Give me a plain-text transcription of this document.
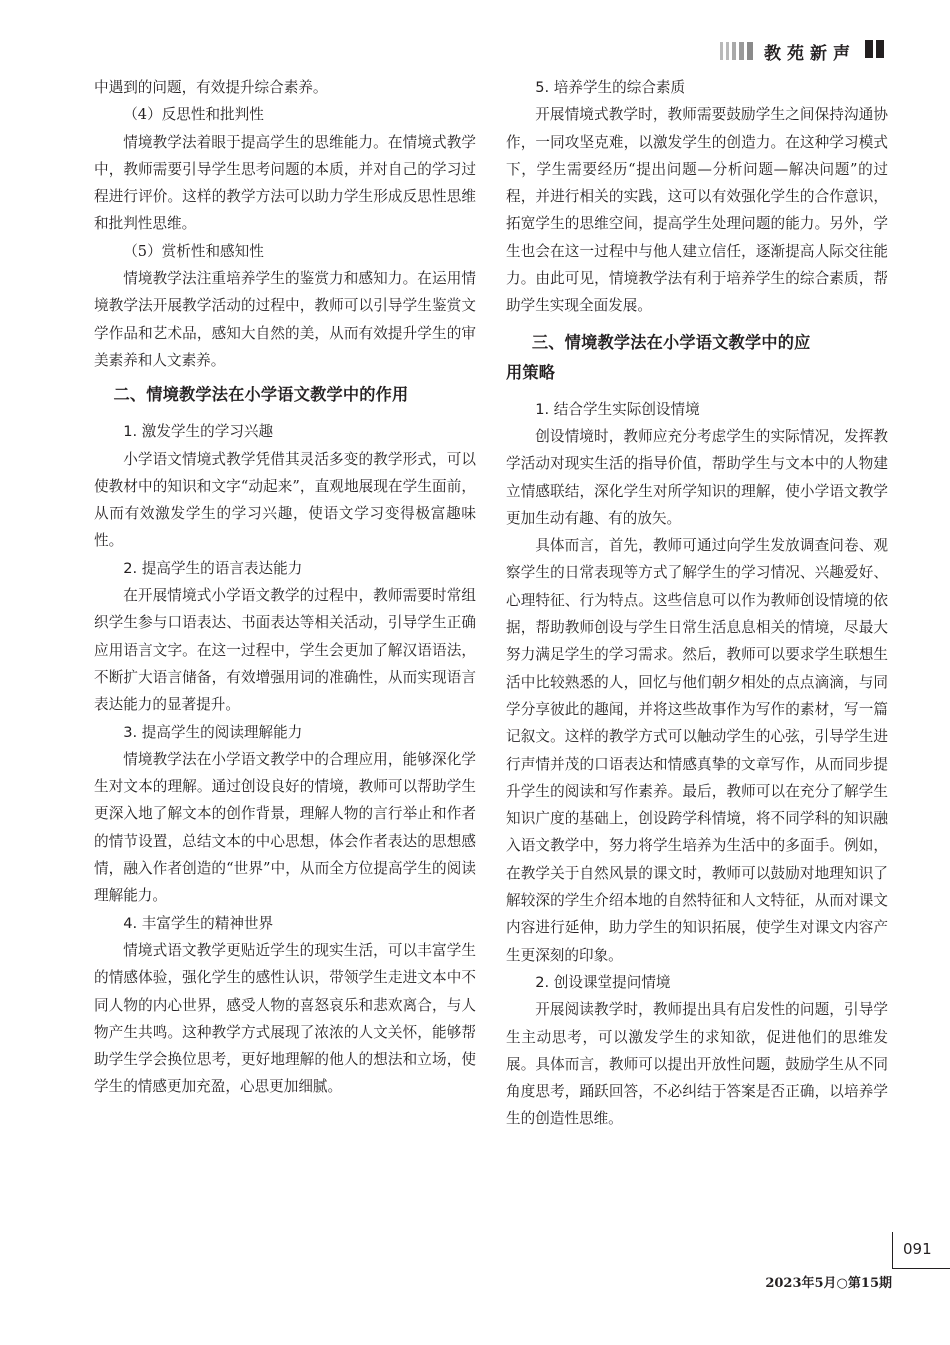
教苑新声

中遇到的问题，有效提升综合素养。

（4）反思性和批判性

情境教学法着眼于提高学生的思维能力。在情境式教学中，教师需要引导学生思考问题的本质，并对自己的学习过程进行评价。这样的教学方法可以助力学生形成反思性思维和批判性思维。

（5）赏析性和感知性

情境教学法注重培养学生的鉴赏力和感知力。在运用情境教学法开展教学活动的过程中，教师可以引导学生鉴赏文学作品和艺术品，感知大自然的美，从而有效提升学生的审美素养和人文素养。

二、情境教学法在小学语文教学中的作用
1. 激发学生的学习兴趣

小学语文情境式教学凭借其灵活多变的教学形式，可以使教材中的知识和文字“动起来”，直观地展现在学生面前，从而有效激发学生的学习兴趣，使语文学习变得极富趣味性。

2. 提高学生的语言表达能力

在开展情境式小学语文教学的过程中，教师需要时常组织学生参与口语表达、书面表达等相关活动，引导学生正确应用语言文字。在这一过程中，学生会更加了解汉语语法，不断扩大语言储备，有效增强用词的准确性，从而实现语言表达能力的显著提升。

3. 提高学生的阅读理解能力

情境教学法在小学语文教学中的合理应用，能够深化学生对文本的理解。通过创设良好的情境，教师可以帮助学生更深入地了解文本的创作背景，理解人物的言行举止和作者的情节设置，总结文本的中心思想，体会作者表达的思想感情，融入作者创造的“世界”中，从而全方位提高学生的阅读理解能力。

4. 丰富学生的精神世界

情境式语文教学更贴近学生的现实生活，可以丰富学生的情感体验，强化学生的感性认识，带领学生走进文本中不同人物的内心世界，感受人物的喜怒哀乐和悲欢离合，与人物产生共鸣。这种教学方式展现了浓浓的人文关怀，能够帮助学生学会换位思考，更好地理解的他人的想法和立场，使学生的情感更加充盈，心思更加细腻。

5. 培养学生的综合素质

开展情境式教学时，教师需要鼓励学生之间保持沟通协作，一同攻坚克难，以激发学生的创造力。在这种学习模式下，学生需要经历“提出问题—分析问题—解决问题”的过程，并进行相关的实践，这可以有效强化学生的合作意识，拓宽学生的思维空间，提高学生处理问题的能力。另外，学生也会在这一过程中与他人建立信任，逐渐提高人际交往能力。由此可见，情境教学法有利于培养学生的综合素质，帮助学生实现全面发展。

三、情境教学法在小学语文教学中的应
用策略
1. 结合学生实际创设情境

创设情境时，教师应充分考虑学生的实际情况，发挥教学活动对现实生活的指导价值，帮助学生与文本中的人物建立情感联结，深化学生对所学知识的理解，使小学语文教学更加生动有趣、有的放矢。

具体而言，首先，教师可通过向学生发放调查问卷、观察学生的日常表现等方式了解学生的学习情况、兴趣爱好、心理特征、行为特点。这些信息可以作为教师创设情境的依据，帮助教师创设与学生日常生活息息相关的情境，尽最大努力满足学生的学习需求。然后，教师可以要求学生联想生活中比较熟悉的人，回忆与他们朝夕相处的点点滴滴，与同学分享彼此的趣闻，并将这些故事作为写作的素材，写一篇记叙文。这样的教学方式可以触动学生的心弦，引导学生进行声情并茂的口语表达和情感真挚的文章写作，从而同步提升学生的阅读和写作素养。最后，教师可以在充分了解学生知识广度的基础上，创设跨学科情境，将不同学科的知识融入语文教学中，努力将学生培养为生活中的多面手。例如，在教学关于自然风景的课文时，教师可以鼓励对地理知识了解较深的学生介绍本地的自然特征和人文特征，从而对课文内容进行延伸，助力学生的知识拓展，使学生对课文内容产生更深刻的印象。

2. 创设课堂提问情境

开展阅读教学时，教师提出具有启发性的问题，引导学生主动思考，可以激发学生的求知欲，促进他们的思维发展。具体而言，教师可以提出开放性问题，鼓励学生从不同角度思考，踊跃回答，不必纠结于答案是否正确，以培养学生的创造性思维。

091
2023年5月○第15期
